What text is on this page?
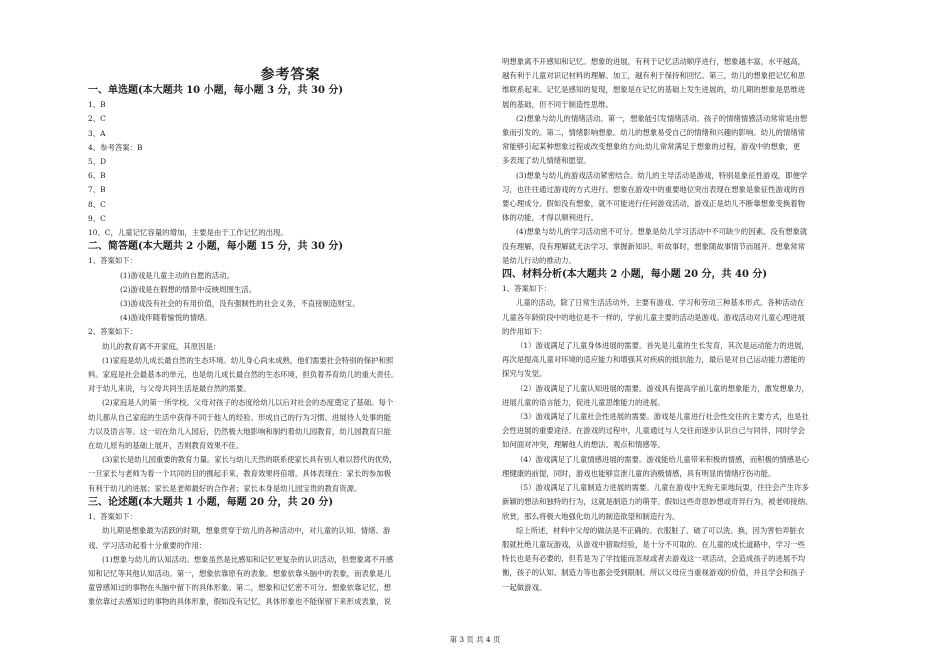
参考答案
一、单选题(本大题共 10 小题，每小题 3 分，共 30 分)
1、B
2、C
3、A
4、参考答案：B
5、D
6、B
7、B
8、C
9、C
10、C，儿童记忆容量的增加，主要是由于工作记忆的出现。
二、简答题(本大题共 2 小题，每小题 15 分，共 30 分)
1、答案如下：
(1)游戏是儿童主动的自愿的活动。
(2)游戏是在假想的情景中反映周围生活。
(3)游戏没有社会的有用价值，没有强制性的社会义务，不直接制造财宝。
(4)游戏伴随着愉悦的情绪。
2、答案如下：
幼儿的教育离不开家庭，其原因是：
(1)家庭是幼儿成长最自然的生态环境。幼儿身心尚未成熟，他们需要社会特别的保护和照
料。家庭是社会最基本的单元，也是幼儿成长最自然的生态环境，担负着养育幼儿的重大责任。
对于幼儿来说，与父母共同生活是最自然的需要。
(2)家庭是人的第一所学校。父母对孩子的态度给幼儿以后对社会的态度奠定了基础。每个
幼儿都从自己家庭的生活中获得不同于他人的经验、形成自己的行为习惯、进展待人处事的能
力以及语言等。这一切在幼儿入园后，仍然极大地影响和制约着幼儿园教育，幼儿园教育只能
在幼儿原有的基础上展开，否则教育效果不佳。
(3)家长是幼儿园重要的教育力量。家长与幼儿天然的联系使家长具有别人难以替代的优势，
一旦家长与老师为着一个共同的目的携起手来，教育效果将倍增。具体表现在：家长的参加极
有利于幼儿的进展；家长是老师最好的合作者；家长本身是幼儿园宝贵的教育资源。
三、论述题(本大题共 1 小题，每题 20 分，共 20 分)
1、答案如下：
幼儿期是想象最为活跃的时期，想象贯穿于幼儿的各种活动中，对儿童的认知、情绪、游
戏、学习活动起着十分重要的作用：
(1)想象与幼儿的认知活动。想象虽然是比感知和记忆更复杂的认识活动，但想象离不开感
知和记忆等其他认知活动。第一，想象依靠原有的表象。想象依靠头脑中的表象，而表象是儿
童曾感知过的事物在头脑中留下的具体形象。第二，想象和记忆密不可分。想象依靠记忆，想
象依靠过去感知过的事物的具体形象，假如没有记忆，具体形象也不能保留下来形成表象，说
明想象离不开感知和记忆。想象的进展，有利于记忆活动顺序进行，想象越丰富，水平越高，
越有利于儿童对识记材料的理解、加工，越有利于保持和回忆。第三，幼儿的想象把记忆和思
维联系起来。记忆是感知的复现，想象是在记忆的基础上发生进展的，幼儿期的想象是思维进
展的基础，但不同于制造性思维。
(2)想象与幼儿的情绪活动。第一，想象能引发情绪活动。孩子的情绪情感活动常常是由想
象而引发的。第二，情绪影响想象。幼儿的想象易受自己的情绪和兴趣的影响。幼儿的情绪常
常能够引起某种想象过程或改变想象的方向;幼儿常常满足于想象的过程，游戏中的想象，更
多表现了幼儿情绪和愿望。
(3)想象与幼儿的游戏活动紧密结合。幼儿的主导活动是游戏，特别是象征性游戏，即便学
习，也往往通过游戏的方式进行。想象在游戏中的重要地位突出表现在想象是象征性游戏的首
要心理成分。假如没有想象，就不可能进行任何游戏活动，游戏正是幼儿不断靠想象变换着物
体的功能，才得以顺利进行。
(4)想象与幼儿的学习活动密不可分。想象是幼儿学习活动中不可缺少的因素。没有想象就
没有理解，没有理解就无法学习、掌握新知识。听故事时，想象随故事情节而展开。想象常常
是幼儿行动的推动力。
四、材料分析(本大题共 2 小题，每小题 20 分，共 40 分)
1、答案如下：
儿童的活动，除了日常生活活动外，主要有游戏、学习和劳动三种基本形式。各种活动在
儿童各年龄阶段中的地位是不一样的，学前儿童主要的活动是游戏。游戏活动对儿童心理进展
的作用如下：
（1）游戏满足了儿童身体进展的需要。首先是儿童的生长发育，其次是运动能力的进展，
再次是提高儿童对环境的适应能力和增强其对疾病的抵抗能力，最后是对自己运动能力潜能的
探究与发觉。
（2）游戏满足了儿童认知进展的需要。游戏具有提高学前儿童的想象能力，激发想象力，
进展儿童的语言能力，促进儿童思维能力的进展。
（3）游戏满足了儿童社会性进展的需要。游戏是儿童进行社会性交往的主要方式，也是社
会性进展的重要途径。在游戏的过程中，儿童通过与人交往而逐步认识自己与同伴，同时学会
如何面对冲突，理解他人的想法、观点和情感等。
（4）游戏满足了儿童情感进展的需要。游戏能给儿童带来积极的情感，而积极的情感是心
理健康的前提，同时，游戏也能够宣泄儿童的消极情感，具有明显的情绪疗伤功能。
（5）游戏满足了儿童制造力进展的需要。儿童在游戏中无拘无束地玩耍，往往会产生许多
新颖的想法和独特的行为，这就是制造力的萌芽。假如这些奇思妙想或奇异行为，被老师接纳、
欣赏，那么将极大地强化幼儿的制造欲望和制造行为。
综上所述，材料中父母的做法是不正确的。衣服脏了、破了可以洗、换，因为害怕弄脏衣
服就杜绝儿童玩游戏，从游戏中猎取经验，是十分不可取的。在儿童的成长道路中，学习一些
特长也是有必要的，但若是为了学技能而忽视或者去游戏这一项活动，会造成孩子的进展不均
衡，孩子的认知、制造力等也都会受到限制。所以父母应当重视游戏的价值，并且学会和孩子
一起做游戏。
第 3 页 共 4 页
